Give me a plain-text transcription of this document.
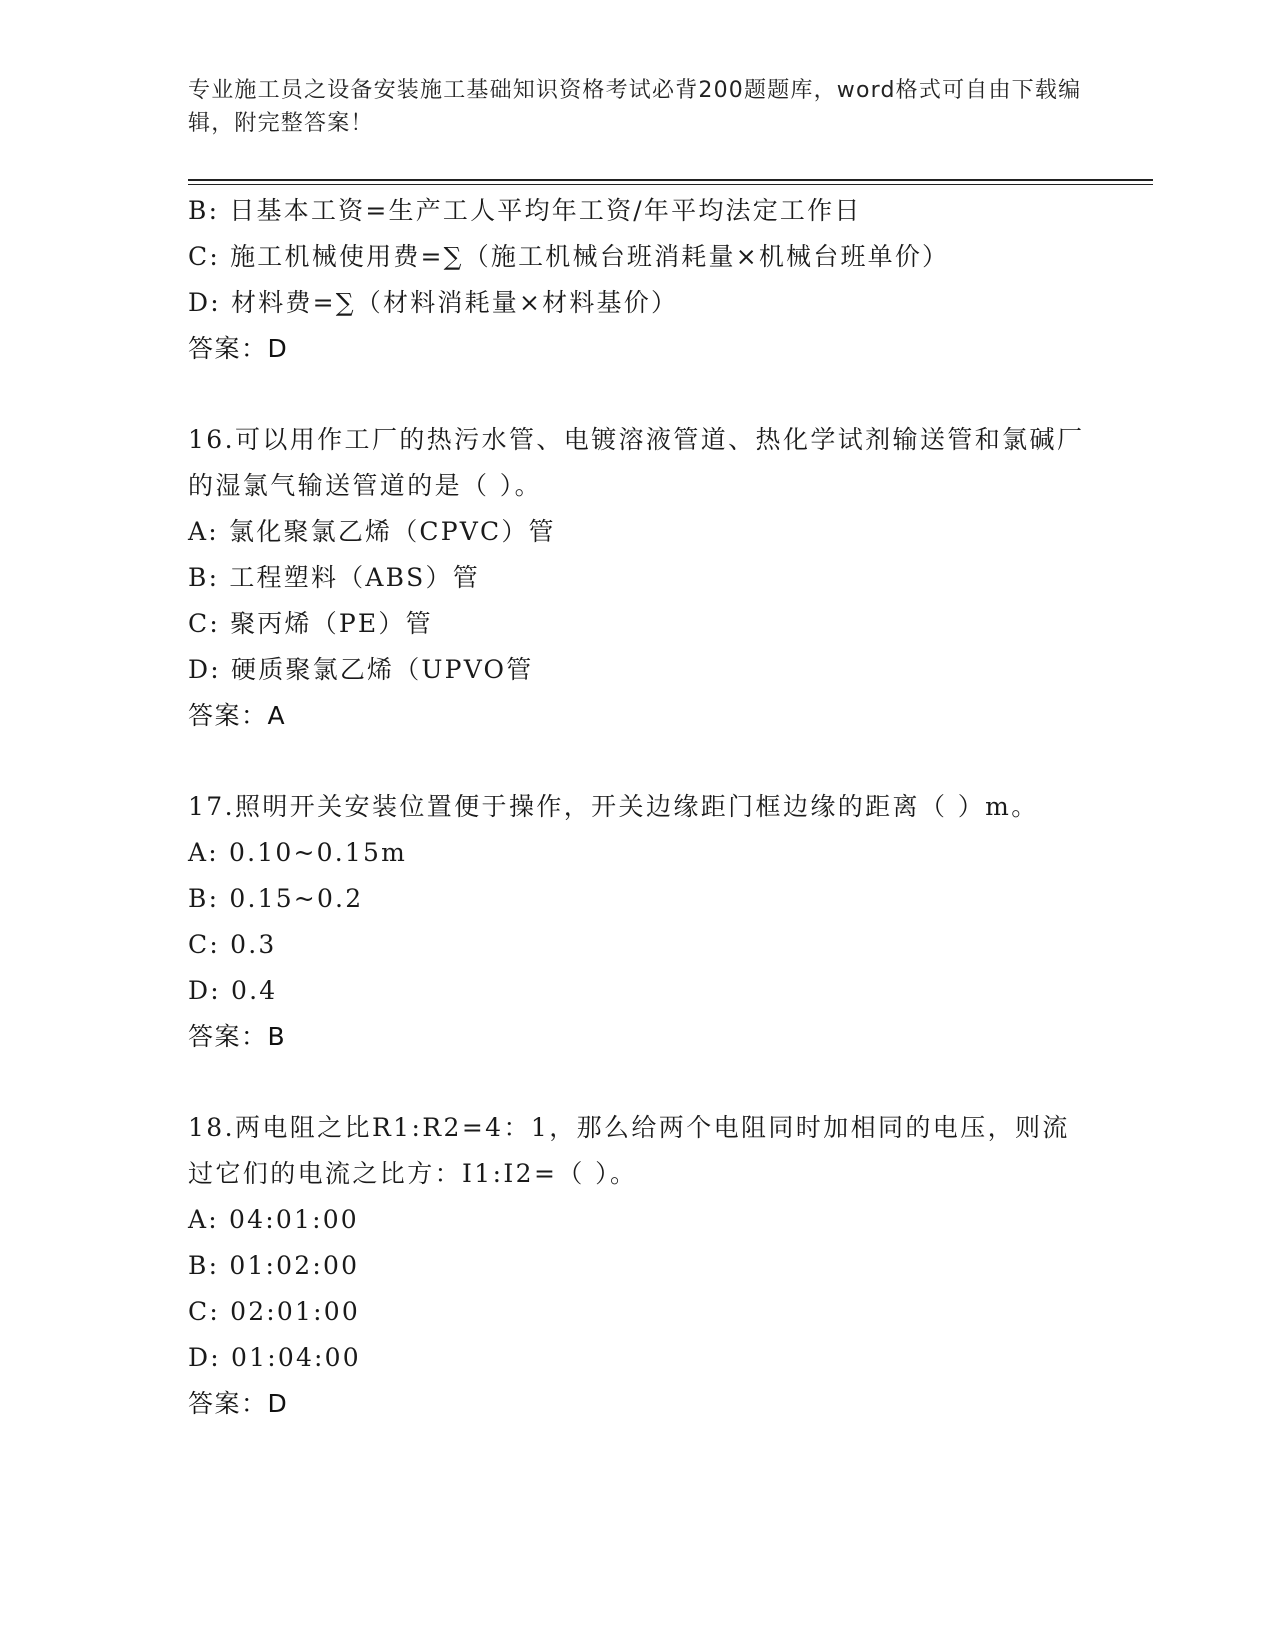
专业施工员之设备安装施工基础知识资格考试必背200题题库，word格式可自由下载编辑，附完整答案！
B: 日基本工资=生产工人平均年工资/年平均法定工作日
C: 施工机械使用费=∑（施工机械台班消耗量×机械台班单价）
D: 材料费=∑（材料消耗量×材料基价）
答案：D
16.可以用作工厂的热污水管、电镀溶液管道、热化学试剂输送管和氯碱厂的湿氯气输送管道的是（ ）。
A: 氯化聚氯乙烯（CPVC）管
B: 工程塑料（ABS）管
C: 聚丙烯（PE）管
D: 硬质聚氯乙烯（UPVO管
答案：A
17.照明开关安装位置便于操作，开关边缘距门框边缘的距离（ ）m。
A: 0.10~0.15m
B: 0.15~0.2
C: 0.3
D: 0.4
答案：B
18.两电阻之比R1:R2=4：1，那么给两个电阻同时加相同的电压，则流过它们的电流之比方：I1:I2=（ ）。
A: 04:01:00
B: 01:02:00
C: 02:01:00
D: 01:04:00
答案：D
